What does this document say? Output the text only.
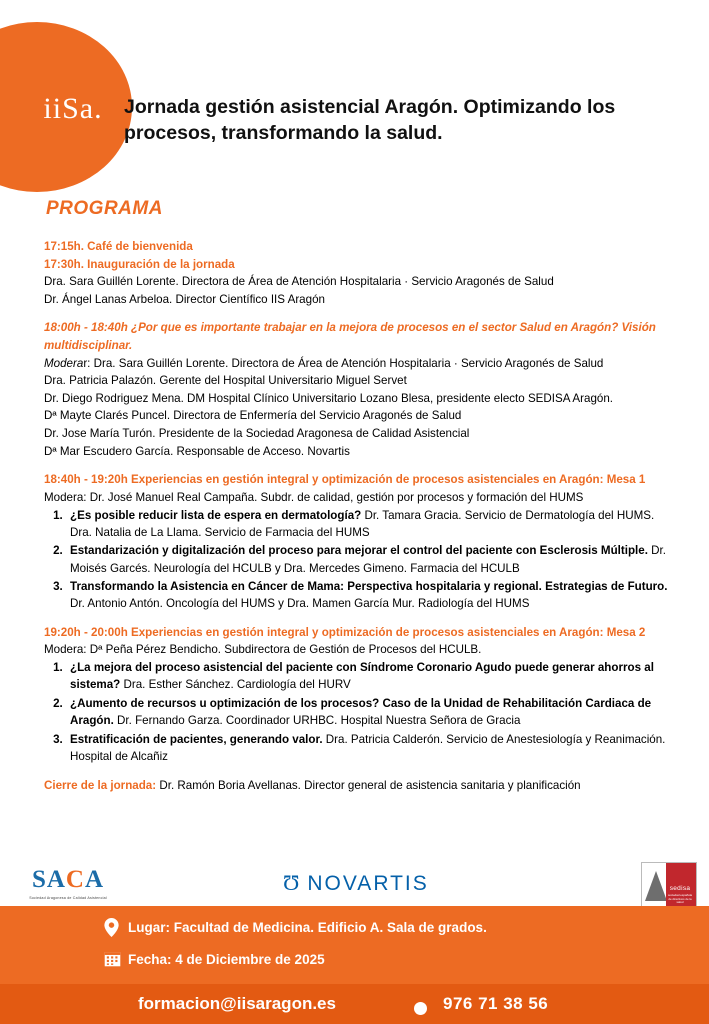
iiSa.	Jornada gestión asistencial Aragón. Optimizando los procesos, transformando la salud.
PROGRAMA
17:15h. Café de bienvenida
17:30h. Inauguración de la jornada
Dra. Sara Guillén Lorente. Directora de Área de Atención Hospitalaria · Servicio Aragonés de Salud
Dr. Ángel Lanas Arbeloa. Director Científico IIS Aragón
18:00h - 18:40h ¿Por que es importante trabajar en la mejora de procesos en el sector Salud en Aragón? Visión multidisciplinar.
Moderar: Dra. Sara Guillén Lorente. Directora de Área de Atención Hospitalaria · Servicio Aragonés de Salud
Dra. Patricia Palazón. Gerente del Hospital Universitario Miguel Servet
Dr. Diego Rodriguez Mena. DM Hospital Clínico Universitario Lozano Blesa, presidente electo SEDISA Aragón.
Dª Mayte Clarés Puncel. Directora de Enfermería del Servicio Aragonés de Salud
Dr. Jose María Turón. Presidente de la Sociedad Aragonesa de Calidad Asistencial
Dª Mar Escudero García. Responsable de Acceso. Novartis
18:40h - 19:20h Experiencias en gestión integral y optimización de procesos asistenciales en Aragón: Mesa 1
Modera: Dr. José Manuel Real Campaña. Subdr. de calidad, gestión por procesos y formación del HUMS
1. ¿Es posible reducir lista de espera en dermatología? Dr. Tamara Gracia. Servicio de Dermatología del HUMS. Dra. Natalia de La Llama. Servicio de Farmacia del HUMS
2. Estandarización y digitalización del proceso para mejorar el control del paciente con Esclerosis Múltiple. Dr. Moisés Garcés. Neurología del HCULB y Dra. Mercedes Gimeno. Farmacia del HCULB
3. Transformando la Asistencia en Cáncer de Mama: Perspectiva hospitalaria y regional. Estrategias de Futuro. Dr. Antonio Antón. Oncología del HUMS y Dra. Mamen García Mur. Radiología del HUMS
19:20h - 20:00h Experiencias en gestión integral y optimización de procesos asistenciales en Aragón: Mesa 2
Modera: Dª Peña Pérez Bendicho. Subdirectora de Gestión de Procesos del HCULB.
1. ¿La mejora del proceso asistencial del paciente con Síndrome Coronario Agudo puede generar ahorros al sistema? Dra. Esther Sánchez. Cardiología del HURV
2. ¿Aumento de recursos u optimización de los procesos? Caso de la Unidad de Rehabilitación Cardiaca de Aragón. Dr. Fernando Garza. Coordinador URHBC. Hospital Nuestra Señora de Gracia
3. Estratificación de pacientes, generando valor. Dra. Patricia Calderón. Servicio de Anestesiología y Reanimación. Hospital de Alcañiz
Cierre de la jornada: Dr. Ramón Boria Avellanas. Director general de asistencia sanitaria y planificación
SACA
Sociedad Aragonesa de Calidad Asistencial
Ʊ NOVARTIS	sedisa
sociedad española de directivos de la salud
Lugar: Facultad de Medicina. Edificio A. Sala de grados.
Fecha: 4 de Diciembre de 2025
formacion@iisaragon.es	976 71 38 56
